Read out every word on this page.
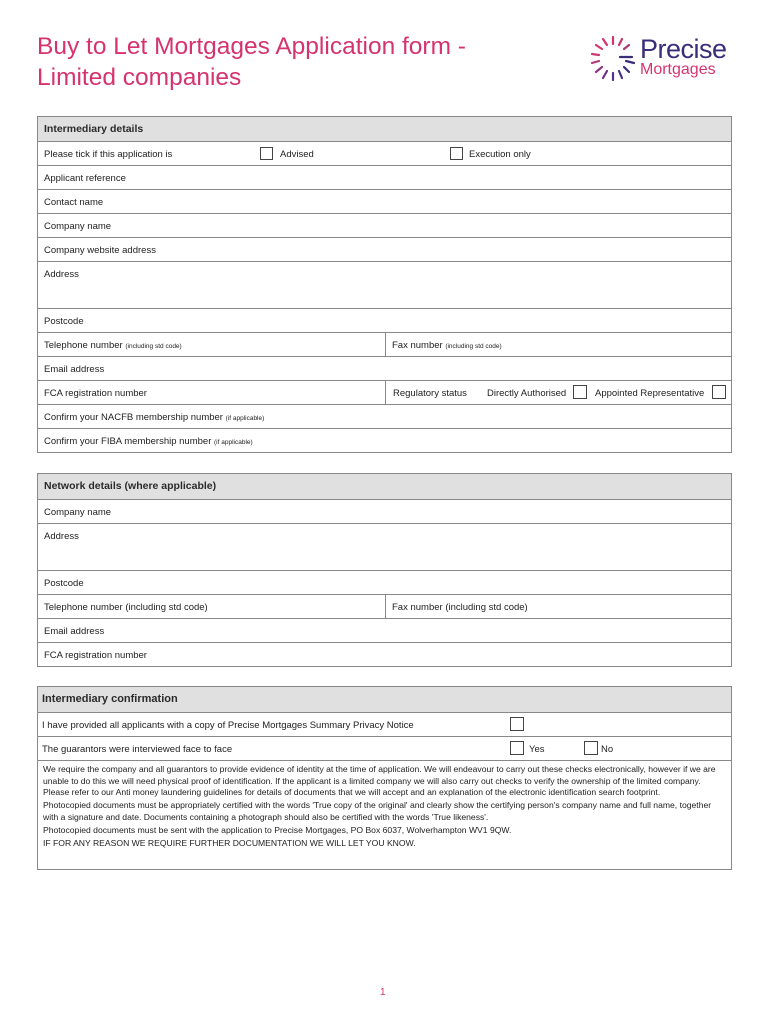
Buy to Let Mortgages Application form -
Limited companies
Precise
Mortgages
Intermediary details
Please tick if this application is	Advised	Execution only
Applicant reference
Contact name
Company name
Company website address
Address
Postcode
Telephone number (including std code)	Fax number (including std code)
Email address
FCA registration number	Regulatory status Directly Authorised	Appointed Representative
Confirm your NACFB membership number (if applicable)
Confirm your FIBA membership number (if applicable)
Network details (where applicable)
Company name
Address
Postcode
Telephone number (including std code)	Fax number (including std code)
Email address
FCA registration number
Intermediary confirmation
I have provided all applicants with a copy of Precise Mortgages Summary Privacy Notice
The guarantors were interviewed face to face	Yes	No

We require the company and all guarantors to provide evidence of identity at the time of application. We will endeavour to carry out these checks electronically, however if we are unable to do this we will need physical proof of identification. If the applicant is a limited company we will also carry out checks to verify the ownership of the limited company. Please refer to our Anti money laundering guidelines for details of documents that we will accept and an explanation of the electronic identification search footprint.

Photocopied documents must be appropriately certified with the words 'True copy of the original' and clearly show the certifying person's company name and full name, together with a signature and date. Documents containing a photograph should also be certified with the words 'True likeness'.

Photocopied documents must be sent with the application to Precise Mortgages, PO Box 6037, Wolverhampton WV1 9QW.

IF FOR ANY REASON WE REQUIRE FURTHER DOCUMENTATION WE WILL LET YOU KNOW.

1
